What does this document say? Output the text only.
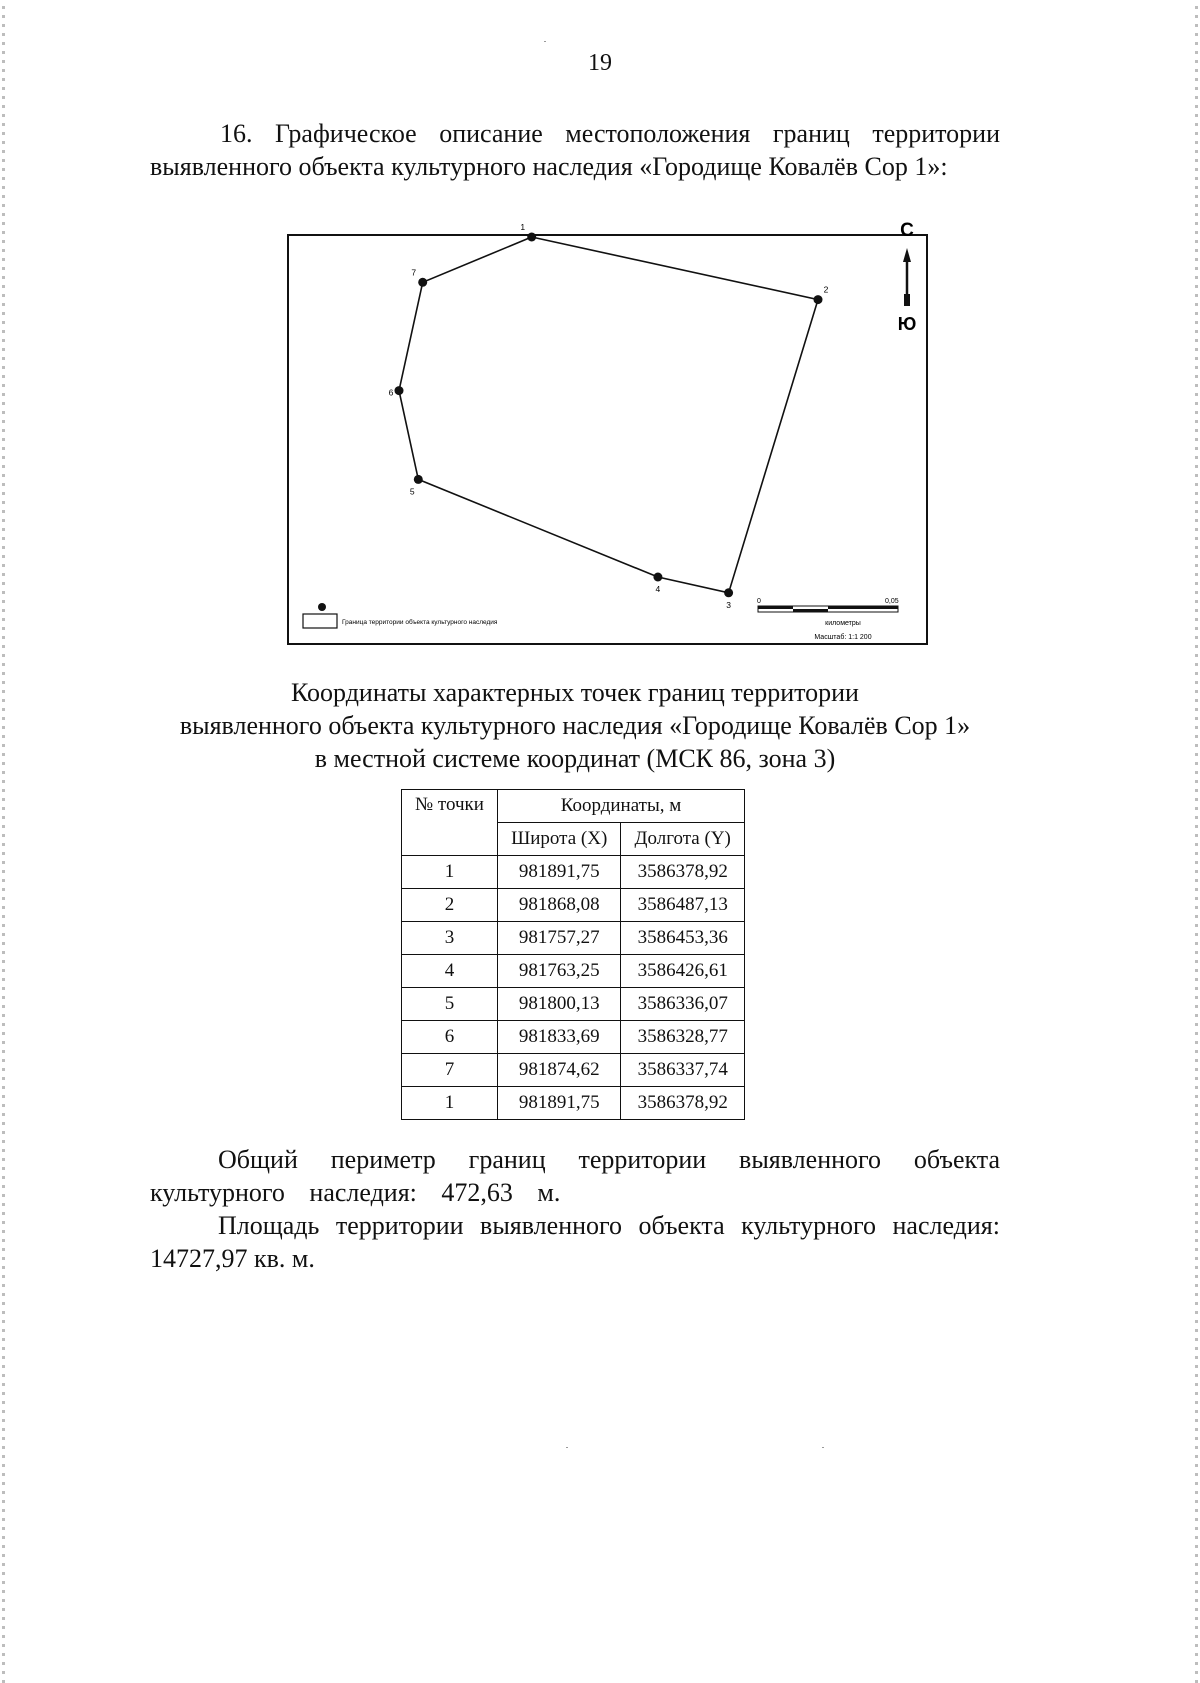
19
16. Графическое описание местоположения границ территории выявленного объекта культурного наследия «Городище Ковалёв Сор 1»:
1
2
3
4
5
6
7
С
Ю
Граница территории объекта культурного наследия
0	0,05
километры
Масштаб: 1:1 200
Координаты характерных точек границ территории
выявленного объекта культурного наследия «Городище Ковалёв Сор 1»
в местной системе координат (МСК 86, зона 3)
№ точки	Координаты, м	
	Широта (X)	Долгота (Y)
1	981891,75	3586378,92
2	981868,08	3586487,13
3	981757,27	3586453,36
4	981763,25	3586426,61
5	981800,13	3586336,07
6	981833,69	3586328,77
7	981874,62	3586337,74
1	981891,75	3586378,92
Общий периметр границ территории выявленного объекта культурного наследия: 472,63 м.
Площадь территории выявленного объекта культурного наследия: 14727,97 кв. м.
